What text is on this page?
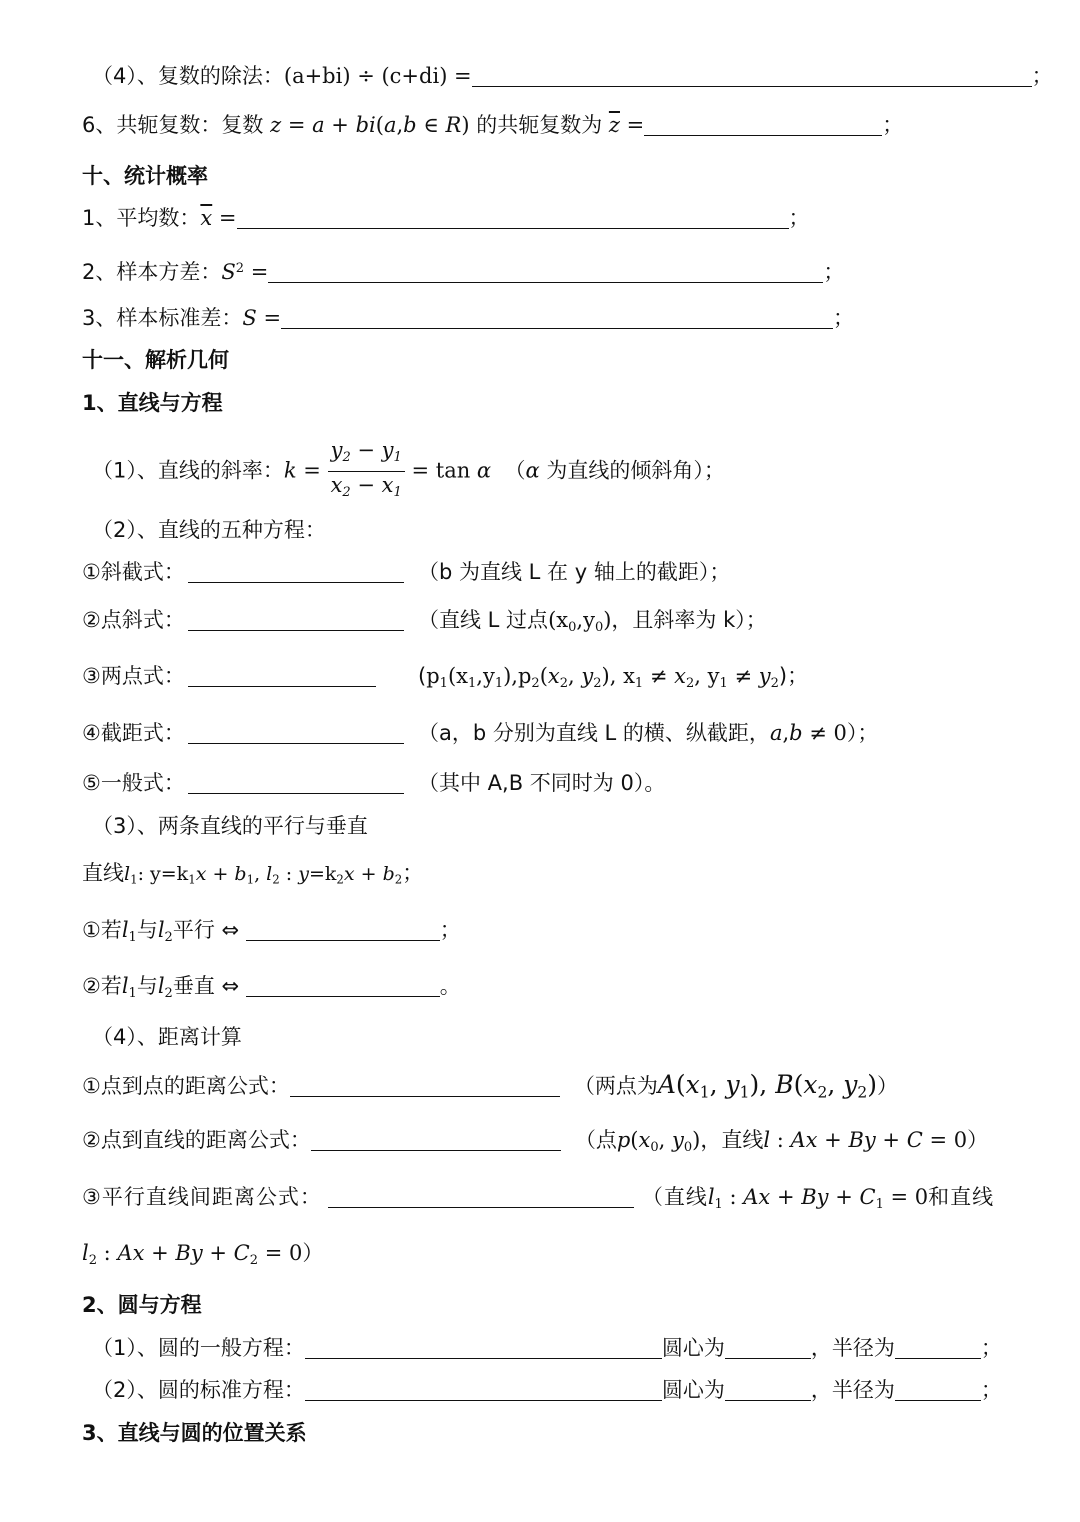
（4）、复数的除法：(a+bi) ÷ (c+di) =	；
6、共轭复数：复数 z = a + bi(a,b ∈ R) 的共轭复数为 $\overline{z}$ =	；
十、统计概率
1、平均数：$\overline{x}$ =	；
2、样本方差：$S^2$ =	；
3、样本标准差：S =	；
十一、解析几何
1、直线与方程
（1）、直线的斜率：$k = \frac{y_2 - y_1}{x_2 - x_1} = \tan \alpha$ （α 为直线的倾斜角）；
（2）、直线的五种方程：
①斜截式：	（b 为直线 L 在 y 轴上的截距）；
②点斜式：	（直线 L 过点$(x_0,y_0)$，且斜率为 k）；
③两点式：	($p_1(x_1,y_1),p_2(x_2$, $y_2$), $x_1 \ne x_2$, $y_1 \ne y_2$)；
④截距式：	（a，b 分别为直线 L 的横、纵截距，a,b ≠ 0）；
⑤一般式：	（其中 A,B 不同时为 0）。
（3）、两条直线的平行与垂直
直线$l_1$: $y=k_1x + b_1$, $l_2$ : $y=k_2x + b_2$；
①若$l_1$与$l_2$平行 ⇔	；
②若$l_1$与$l_2$垂直 ⇔	。
（4）、距离计算
①点到点的距离公式：	（两点为$A(x_1$, $y_1$), $B(x_2$, $y_2$)）
②点到直线的距离公式：	（点$p(x_0$, $y_0$)，直线l : Ax + By + C = 0）
③平行直线间距离公式：	（直线$l_1$ : $Ax + By + C_1 = 0$和直线
$l_2$ : $Ax + By + C_2 = 0$）
2、圆与方程
（1）、圆的一般方程：	圆心为	，半径为	；
（2）、圆的标准方程：	圆心为	，半径为	；
3、直线与圆的位置关系
